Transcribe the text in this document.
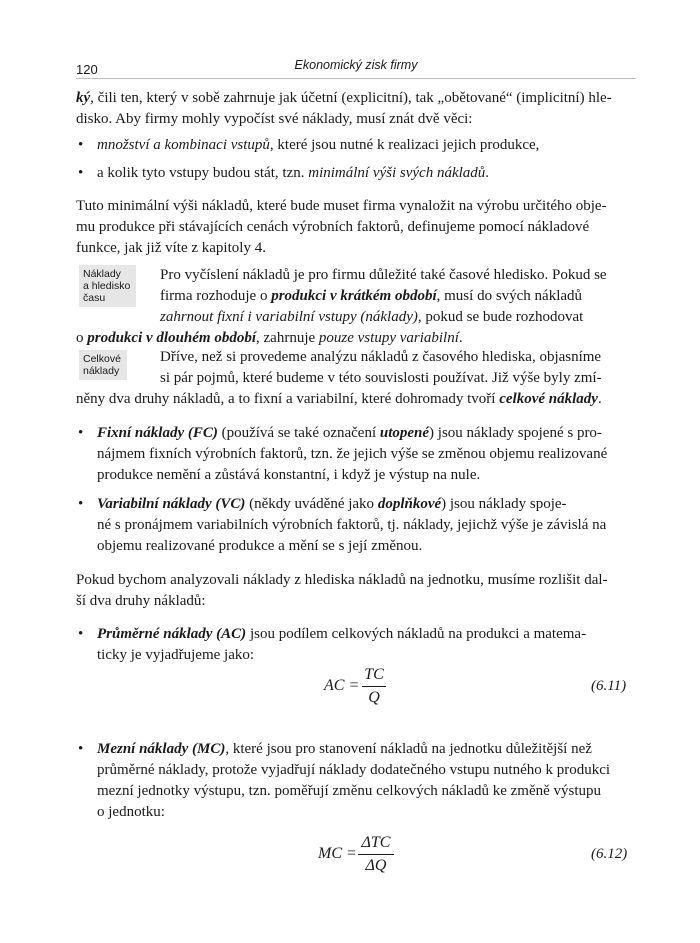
120	Ekonomický zisk firmy
ký, čili ten, který v sobě zahrnuje jak účetní (explicitní), tak „obětované“ (implicitní) hle-
disko. Aby firmy mohly vypočíst své náklady, musí znát dvě věci:
• množství a kombinaci vstupů, které jsou nutné k realizaci jejich produkce,
• a kolik tyto vstupy budou stát, tzn. minimální výši svých nákladů.
Tuto minimální výši nákladů, které bude muset firma vynaložit na výrobu určitého obje-
mu produkce při stávajících cenách výrobních faktorů, definujeme pomocí nákladové
funkce, jak již víte z kapitoly 4.
Náklady
a hledisko
času
Pro vyčíslení nákladů je pro firmu důležité také časové hledisko. Pokud se
firma rozhoduje o produkci v krátkém období, musí do svých nákladů
zahrnout fixní i variabilní vstupy (náklady), pokud se bude rozhodovat
o produkci v dlouhém období, zahrnuje pouze vstupy variabilní.
Celkové
náklady
Dříve, než si provedeme analýzu nákladů z časového hlediska, objasníme
si pár pojmů, které budeme v této souvislosti používat. Již výše byly zmí-
něny dva druhy nákladů, a to fixní a variabilní, které dohromady tvoří celkové náklady.
• Fixní náklady (FC) (používá se také označení utopené) jsou náklady spojené s pro-
nájmem fixních výrobních faktorů, tzn. že jejich výše se změnou objemu realizované
produkce nemění a zůstává konstantní, i když je výstup na nule.
• Variabilní náklady (VC) (někdy uváděné jako doplňkové) jsou náklady spoje-
né s pronájmem variabilních výrobních faktorů, tj. náklady, jejichž výše je závislá na
objemu realizované produkce a mění se s její změnou.
Pokud bychom analyzovali náklady z hlediska nákladů na jednotku, musíme rozlišit dal-
ší dva druhy nákladů:
• Průměrné náklady (AC) jsou podílem celkových nákladů na produkci a matema-
ticky je vyjadřujeme jako:
AC =
TC
Q
(6.11)
• Mezní náklady (MC), které jsou pro stanovení nákladů na jednotku důležitější než
průměrné náklady, protože vyjadřují náklady dodatečného vstupu nutného k produkci
mezní jednotky výstupu, tzn. poměřují změnu celkových nákladů ke změně výstupu
o jednotku:
MC =
ΔTC
ΔQ
(6.12)
